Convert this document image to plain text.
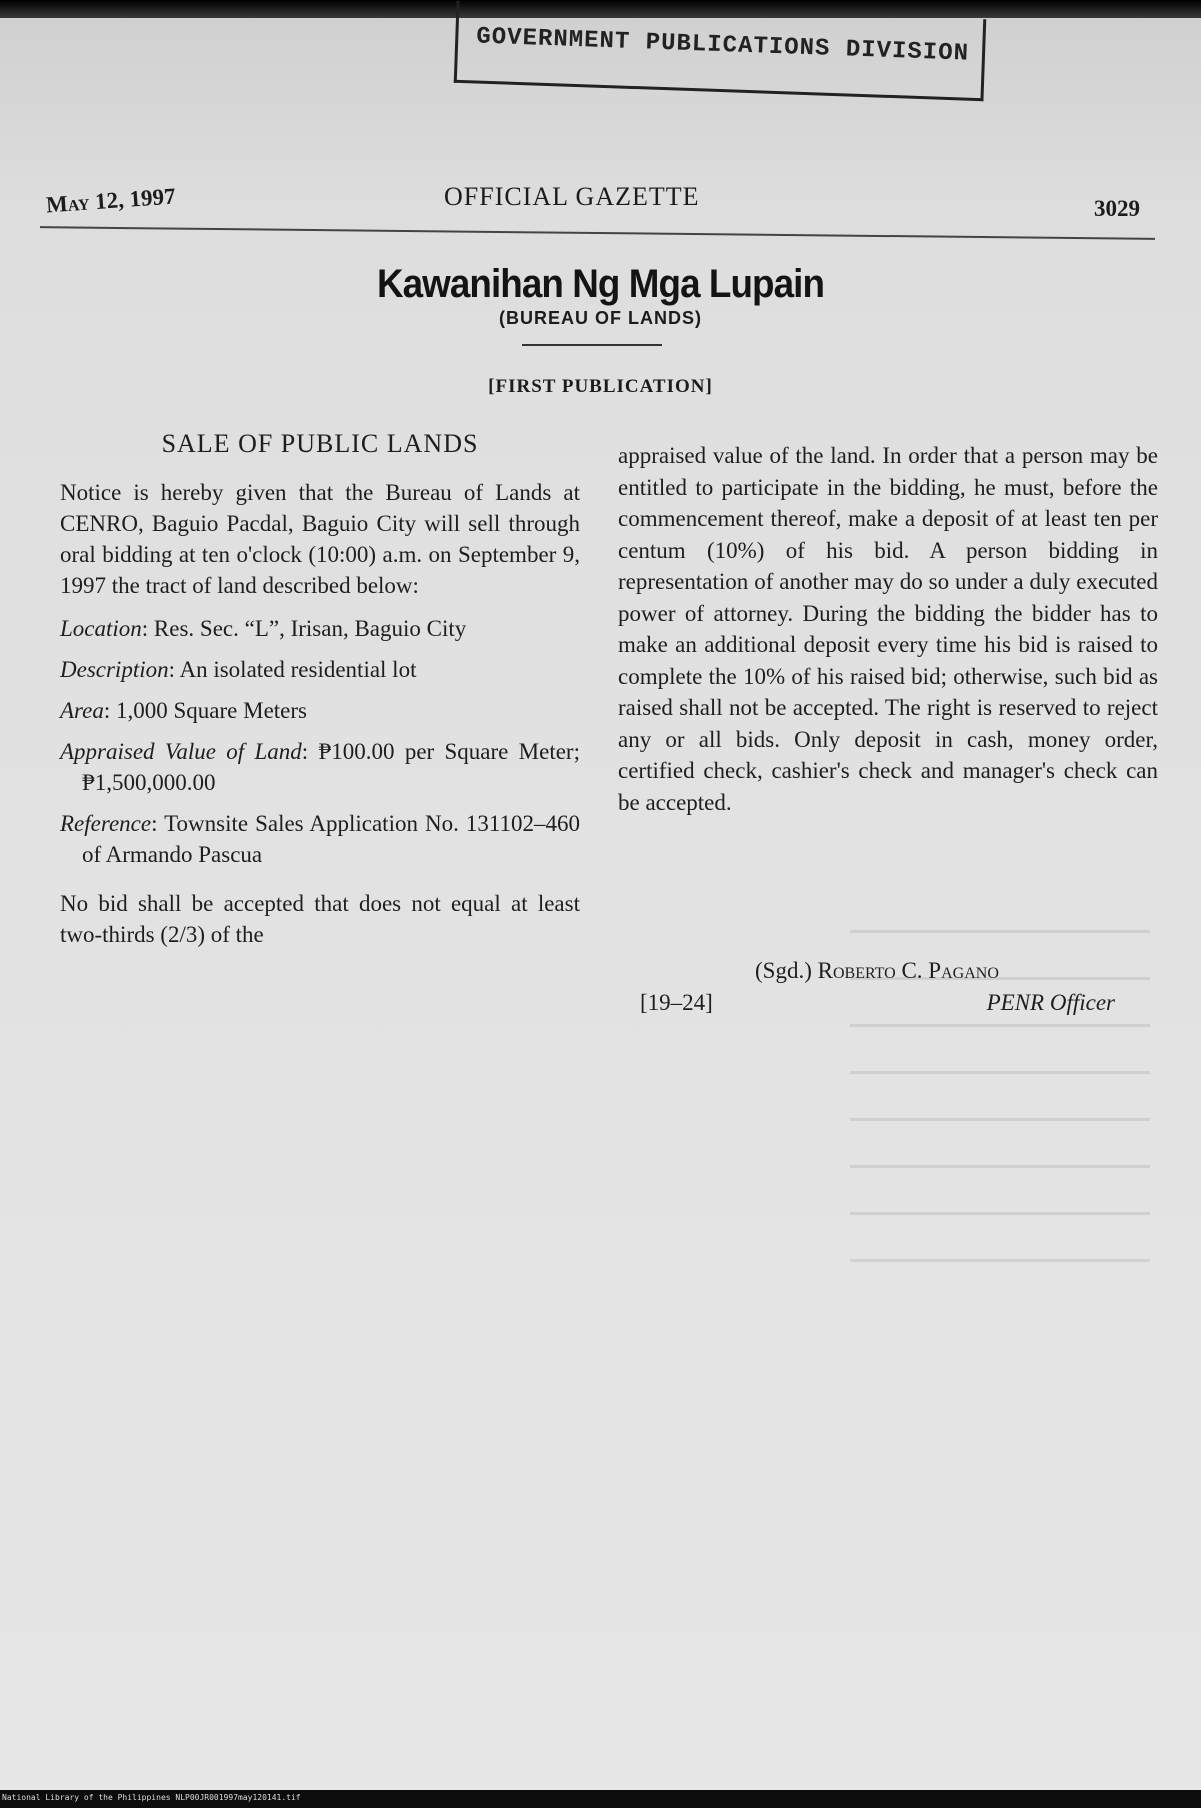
GOVERNMENT PUBLICATIONS DIVISION
May 12, 1997	OFFICIAL GAZETTE	3029
Kawanihan Ng Mga Lupain
(BUREAU OF LANDS)
[FIRST PUBLICATION]
SALE OF PUBLIC LANDS

Notice is hereby given that the Bureau of Lands at CENRO, Baguio Pacdal, Baguio City will sell through oral bidding at ten o'clock (10:00) a.m. on September 9, 1997 the tract of land described below:

Location: Res. Sec. “L”, Irisan, Baguio City
Description: An isolated residential lot
Area: 1,000 Square Meters
Appraised Value of Land: ₱100.00 per Square Meter; ₱1,500,000.00
Reference: Townsite Sales Application No. 131102–460 of Armando Pascua

No bid shall be accepted that does not equal at least two-thirds (2/3) of the

appraised value of the land. In order that a person may be entitled to participate in the bidding, he must, before the commencement thereof, make a deposit of at least ten per centum (10%) of his bid. A person bidding in representation of another may do so under a duly executed power of attorney. During the bidding the bidder has to make an additional deposit every time his bid is raised to complete the 10% of his raised bid; otherwise, such bid as raised shall not be accepted. The right is reserved to reject any or all bids. Only deposit in cash, money order, certified check, cashier's check and manager's check can be accepted.

(Sgd.) Roberto C. Pagano
[19–24]	PENR Officer
National Library of the Philippines NLP00JR001997may120141.tif
